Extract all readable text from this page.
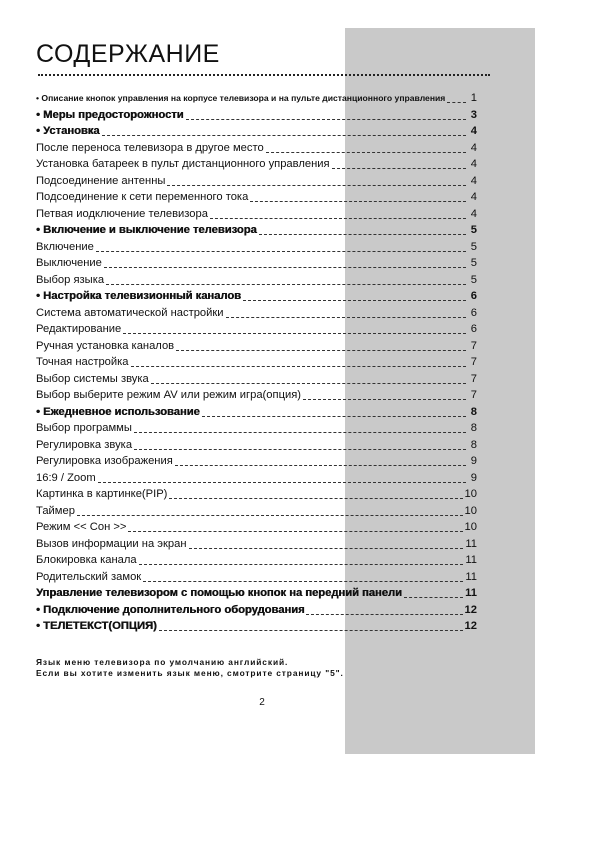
СОДЕРЖАНИЕ
• Описание кнопок управления на корпусе телевизора и на пульте дистанционного управления 1
• Меры предосторожности	3
• Установка	4
После переноса телевизора в другое место	4
Установка батареек в пульт дистанционного управления	4
Подсоединение антенны	4
Подсоединение к сети переменного тока	4
Петвая иодключение телевизора	4
• Включение и выключение телевизора	5
Включение	5
Выключение	5
Выбор языка	5
• Настройка телевизионный каналов	6
Система автоматической настройки	6
Редактирование	6
Ручная установка каналов	7
Точная настройка	7
Выбор системы звука	7
Выбор выберите режим AV или режим игра(опция)	7
• Ежедневное использование	8
Выбор программы	8
Регулировка звука	8
Регулировка изображения	9
16:9 / Zoom	9
Картинка в картинке(PIP)	10
Таймер	10
Режим << Сон >>	10
Вызов информации на экран	11
Блокировка канала	11
Родительский замок	11
Управление телевизором с помощью кнопок на передний панели	11
• Подключение дополнительного оборудования	12
• ТЕЛЕТЕКСТ(ОПЦИЯ)	12
Язык меню телевизора по умолчанию английский.
Если вы хотите изменить язык меню, смотрите страницу "5".
2
